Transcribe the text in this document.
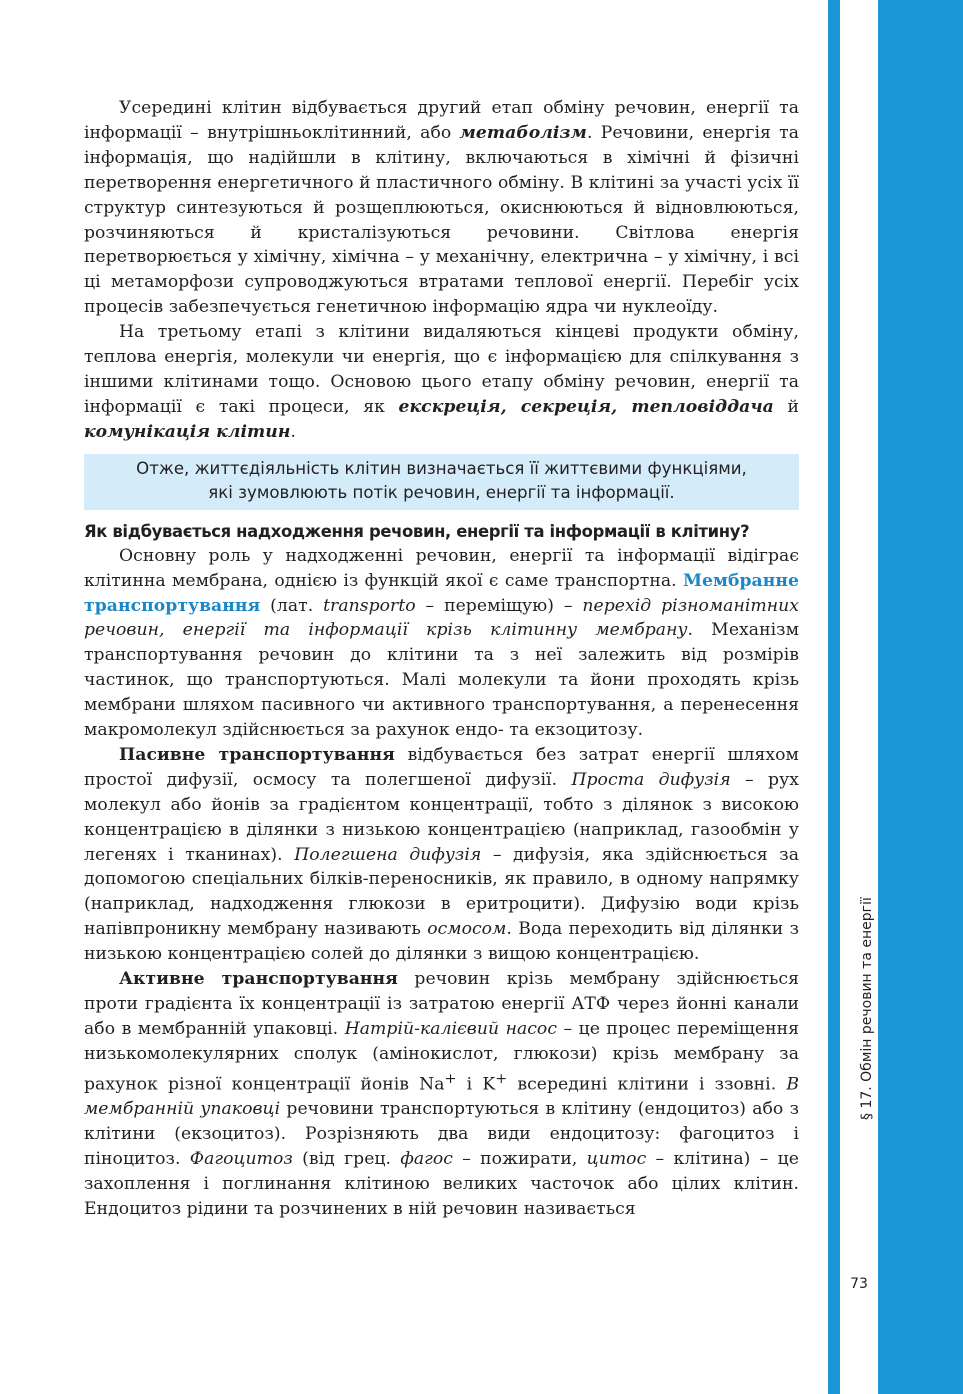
§ 17. Обмін речовин та енергії
73

Усередині клітин відбувається другий етап обміну речовин, енергії та інформації – внутрішньоклітинний, або метаболізм. Речовини, енергія та інформація, що надійшли в клітину, включаються в хімічні й фізичні перетворення енергетичного й пластичного обміну. В клітині за участі усіх її структур синтезуються й розщеплюються, окиснюються й відновлюються, розчиняються й кристалізуються речовини. Світлова енергія перетворюється у хімічну, хімічна – у механічну, електрична – у хімічну, і всі ці метаморфози супроводжуються втратами теплової енергії. Перебіг усіх процесів забезпечується генетичною інформацію ядра чи нуклеоїду.

На третьому етапі з клітини видаляються кінцеві продукти обміну, теплова енергія, молекули чи енергія, що є інформацією для спілкування з іншими клітинами тощо. Основою цього етапу обміну речовин, енергії та інформації є такі процеси, як екскреція, секреція, тепловіддача й комунікація клітин.

Отже, життєдіяльність клітин визначається її життєвими функціями,
які зумовлюють потік речовин, енергії та інформації.

Як відбувається надходження речовин, енергії та інформації в клітину?

Основну роль у надходженні речовин, енергії та інформації відіграє клітинна мембрана, однією із функцій якої є саме транспортна. Мембранне транспортування (лат. transporto – переміщую) – перехід різноманітних речовин, енергії та інформації крізь клітинну мембрану. Механізм транспортування речовин до клітини та з неї залежить від розмірів частинок, що транспортуються. Малі молекули та йони проходять крізь мембрани шляхом пасивного чи активного транспортування, а перенесення макромолекул здійснюється за рахунок ендо- та екзоцитозу.

Пасивне транспортування відбувається без затрат енергії шляхом простої дифузії, осмосу та полегшеної дифузії. Проста дифузія – рух молекул або йонів за градієнтом концентрації, тобто з ділянок з високою концентрацією в ділянки з низькою концентрацією (наприклад, газообмін у легенях і тканинах). Полегшена дифузія – дифузія, яка здійснюється за допомогою спеціальних білків-переносників, як правило, в одному напрямку (наприклад, надходження глюкози в еритроцити). Дифузію води крізь напівпроникну мембрану називають осмосом. Вода переходить від ділянки з низькою концентрацією солей до ділянки з вищою концентрацією.

Активне транспортування речовин крізь мембрану здійснюється проти градієнта їх концентрації із затратою енергії АТФ через йонні канали або в мембранній упаковці. Натрій-калієвий насос – це процес переміщення низькомолекулярних сполук (амінокислот, глюкози) крізь мембрану за рахунок різної концентрації йонів Na+ і K+ всередині клітини і ззовні. В мембранній упаковці речовини транспортуються в клітину (ендоцитоз) або з клітини (екзоцитоз). Розрізняють два види ендоцитозу: фагоцитоз і піноцитоз. Фагоцитоз (від грец. фагос – пожирати, цитос – клітина) – це захоплення і поглинання клітиною великих часточок або цілих клітин. Ендоцитоз рідини та розчинених в ній речовин називається
